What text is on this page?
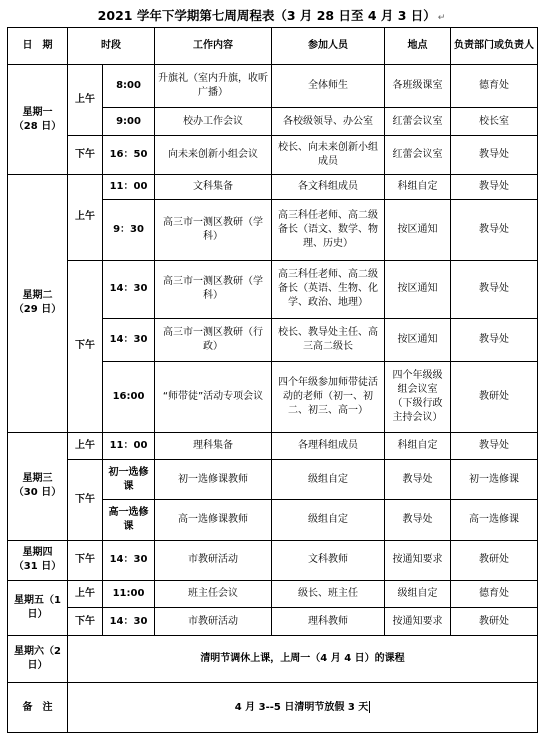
2021 学年下学期第七周周程表（3 月 28 日至 4 月 3 日） ↵
日　期	时段		工作内容	参加人员	地点	负责部门或负责人
星期一（28 日）	上午	8:00	升旗礼（室内升旗，收听广播）	全体师生	各班级课室	德育处
		9:00	校办工作会议	各校级领导、办公室	红蕾会议室	校长室
	下午	16：50	向未来创新小组会议	校长、向未来创新小组成员	红蕾会议室	教导处
星期二（29 日）	上午	11：00	文科集备	各文科组成员	科组自定	教导处
		9：30	高三市一测区教研（学科）	高三科任老师、高二级备长（语文、数学、物理、历史）	按区通知	教导处
	下午	14：30	高三市一测区教研（学科）	高三科任老师、高二级备长（英语、生物、化学、政治、地理）	按区通知	教导处
		14：30	高三市一测区教研（行政）	校长、教导处主任、高三高二级长	按区通知	教导处
		16:00	“师带徒”活动专项会议	四个年级参加师带徒活动的老师（初一、初二、初三、高一）	四个年级级组会议室（下级行政主持会议）	教研处
星期三（30 日）	上午	11：00	理科集备	各理科组成员	科组自定	教导处
	下午	初一选修课	初一选修课教师	级组自定	教导处	初一选修课
		高一选修课	高一选修课教师	级组自定	教导处	高一选修课
星期四（31 日）	下午	14：30	市教研活动	文科教师	按通知要求	教研处
星期五（1 日）	上午	11:00	班主任会议	级长、班主任	级组自定	德育处
	下午	14：30	市教研活动	理科教师	按通知要求	教研处
星期六（2 日）	清明节调休上课，上周一（4 月 4 日）的课程					
备　注	4 月 3--5 日清明节放假 3 天					
